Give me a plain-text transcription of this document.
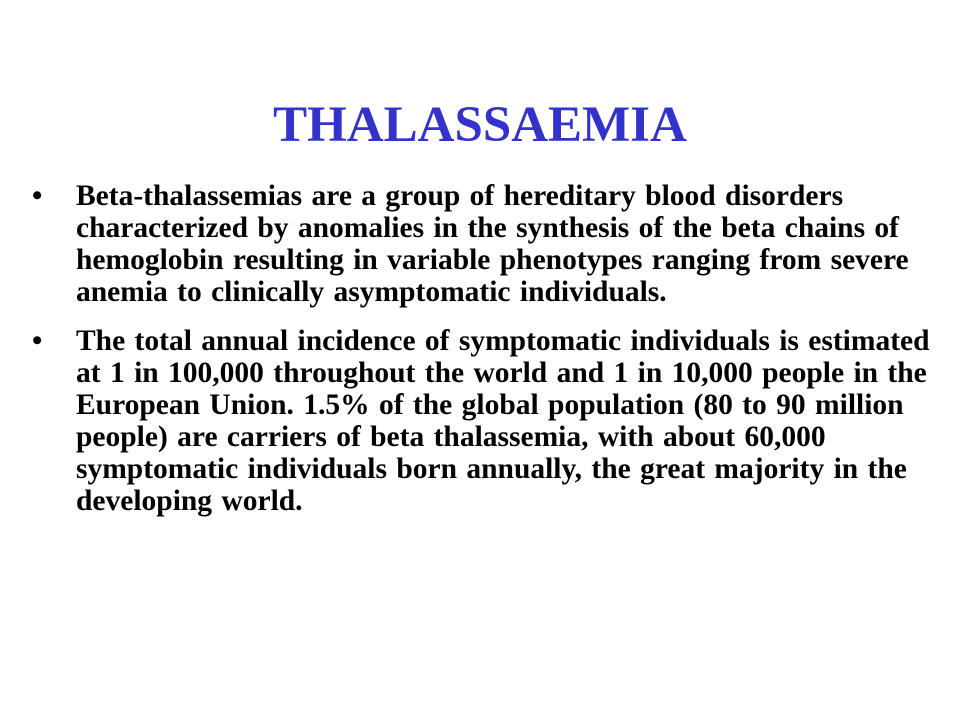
THALASSAEMIA
• Beta-thalassemias are a group of hereditary blood disorders characterized by anomalies in the synthesis of the beta chains of hemoglobin resulting in variable phenotypes ranging from severe anemia to clinically asymptomatic individuals.
• The total annual incidence of symptomatic individuals is estimated at 1 in 100,000 throughout the world and 1 in 10,000 people in the European Union. 1.5% of the global population (80 to 90 million people) are carriers of beta thalassemia, with about 60,000 symptomatic individuals born annually, the great majority in the developing world.
